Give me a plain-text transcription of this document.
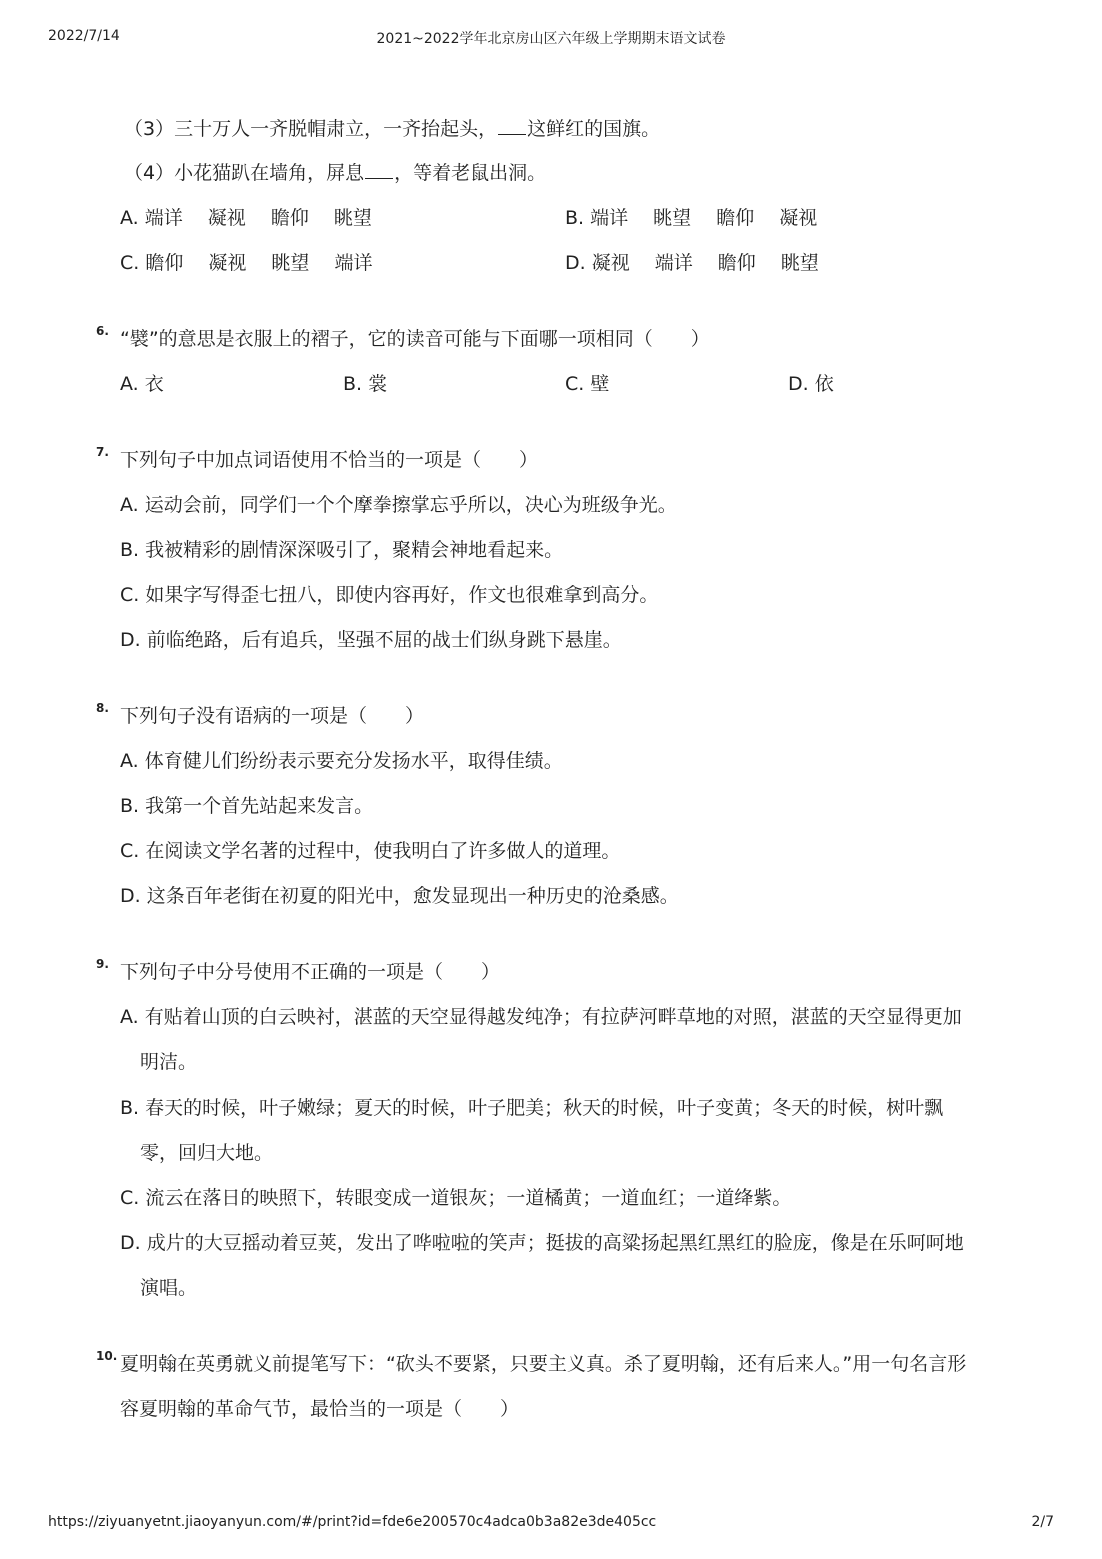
2022/7/14	2021~2022学年北京房山区六年级上学期期末语文试卷
（3）三十万人一齐脱帽肃立，一齐抬起头， 这鲜红的国旗。
（4）小花猫趴在墙角，屏息 ，等着老鼠出洞。
A. 端详　 凝视　 瞻仰　 眺望	B. 端详　 眺望　 瞻仰　 凝视
C. 瞻仰　 凝视　 眺望　 端详	D. 凝视　 端详　 瞻仰　 眺望
6. “襞”的意思是衣服上的褶子，它的读音可能与下面哪一项相同（　　）
A. 衣	B. 裳	C. 壁	D. 依
7. 下列句子中加点词语使用不恰当的一项是（　　）
A. 运动会前，同学们一个个摩拳擦掌忘乎所以，决心为班级争光。
B. 我被精彩的剧情深深吸引了，聚精会神地看起来。
C. 如果字写得歪七扭八，即使内容再好，作文也很难拿到高分。
D. 前临绝路，后有追兵，坚强不屈的战士们纵身跳下悬崖。
8. 下列句子没有语病的一项是（　　）
A. 体育健儿们纷纷表示要充分发扬水平，取得佳绩。
B. 我第一个首先站起来发言。
C. 在阅读文学名著的过程中，使我明白了许多做人的道理。
D. 这条百年老街在初夏的阳光中，愈发显现出一种历史的沧桑感。
9. 下列句子中分号使用不正确的一项是（　　）
A. 有贴着山顶的白云映衬，湛蓝的天空显得越发纯净；有拉萨河畔草地的对照，湛蓝的天空显得更加
明洁。
B. 春天的时候，叶子嫩绿；夏天的时候，叶子肥美；秋天的时候，叶子变黄；冬天的时候，树叶飘
零，回归大地。
C. 流云在落日的映照下，转眼变成一道银灰；一道橘黄；一道血红；一道绛紫。
D. 成片的大豆摇动着豆荚，发出了哗啦啦的笑声；挺拔的高粱扬起黑红黑红的脸庞，像是在乐呵呵地
演唱。
10. 夏明翰在英勇就义前提笔写下：“砍头不要紧，只要主义真。杀了夏明翰，还有后来人。”用一句名言形
容夏明翰的革命气节，最恰当的一项是（　　）
https://ziyuanyetnt.jiaoyanyun.com/#/print?id=fde6e200570c4adca0b3a82e3de405cc	2/7
